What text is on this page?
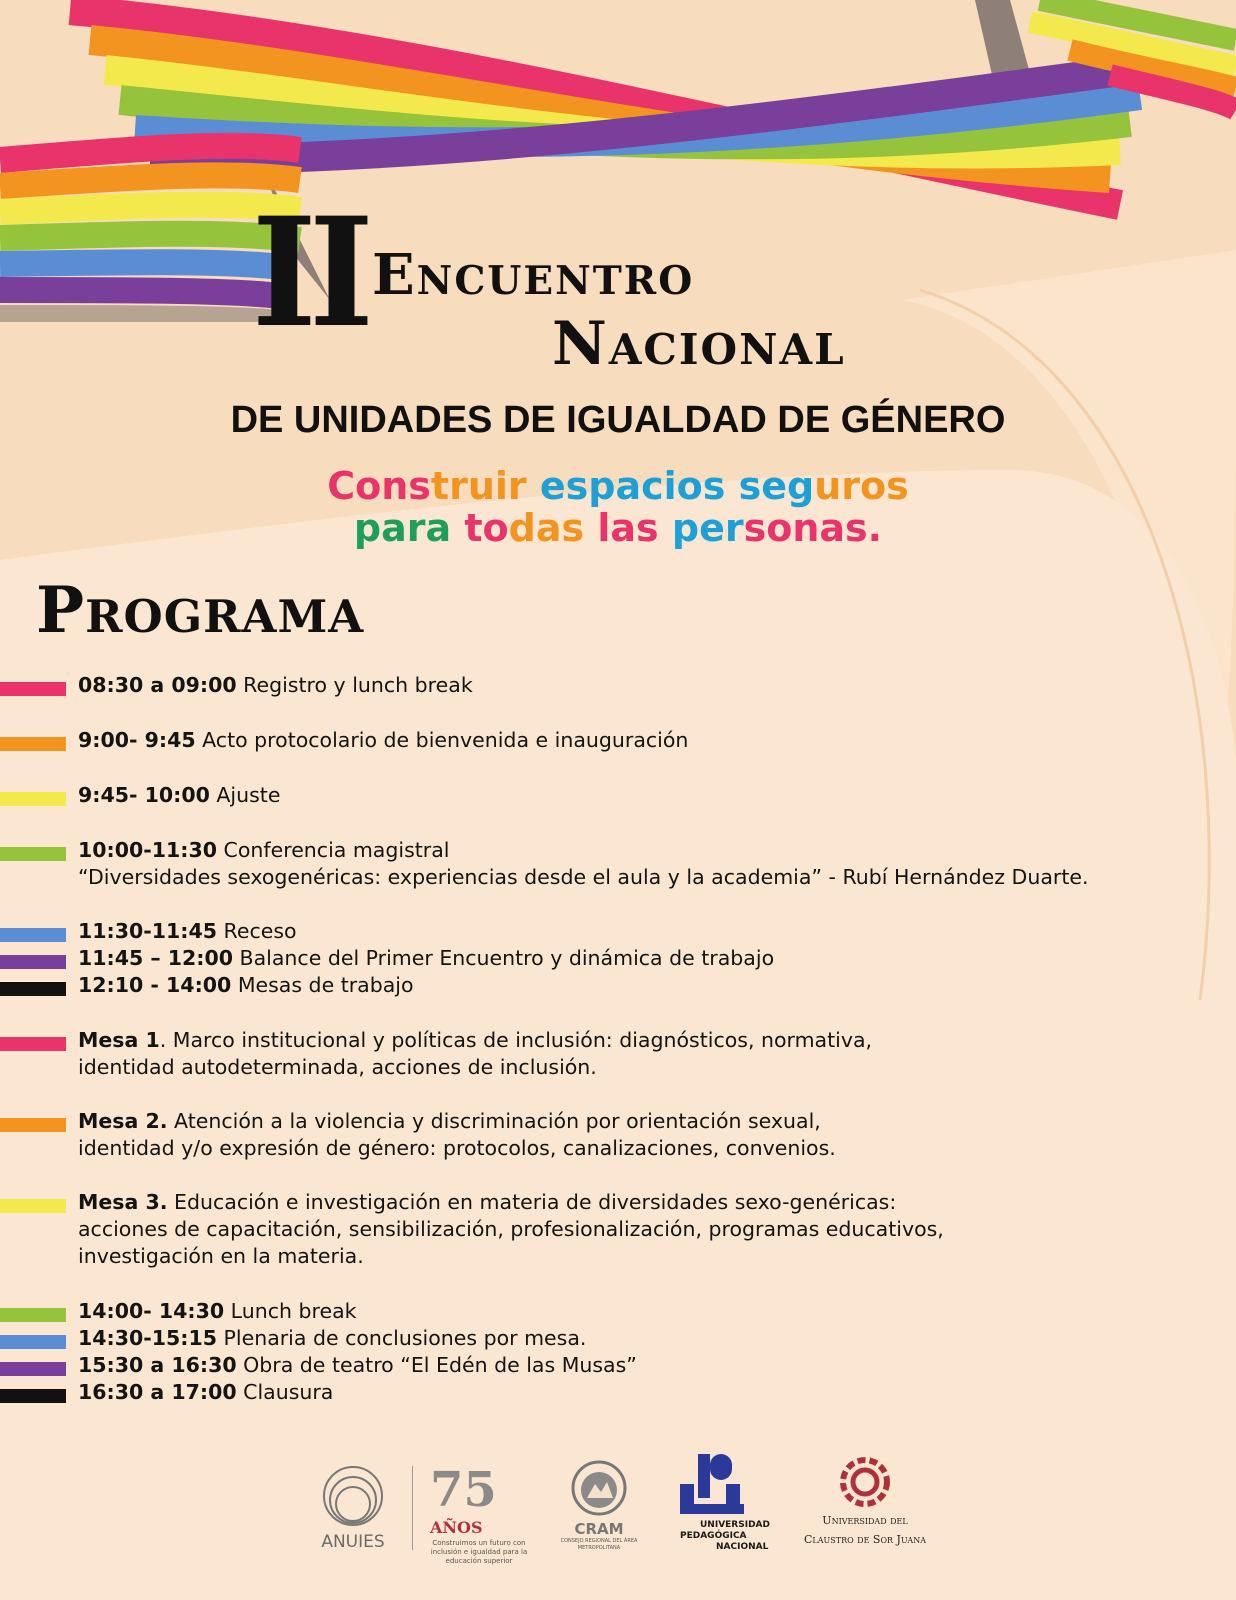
II Encuentro
Nacional
DE UNIDADES DE IGUALDAD DE GÉNERO
Construir espacios seguros
para todas las personas.
Programa
08:30 a 09:00 Registro y lunch break
9:00- 9:45 Acto protocolario de bienvenida e inauguración
9:45- 10:00 Ajuste
10:00-11:30 Conferencia magistral
“Diversidades sexogenéricas: experiencias desde el aula y la academia” - Rubí Hernández Duarte.
11:30-11:45 Receso
11:45 – 12:00 Balance del Primer Encuentro y dinámica de trabajo
12:10 - 14:00 Mesas de trabajo
Mesa 1. Marco institucional y políticas de inclusión: diagnósticos, normativa,
identidad autodeterminada, acciones de inclusión.
Mesa 2. Atención a la violencia y discriminación por orientación sexual,
identidad y/o expresión de género: protocolos, canalizaciones, convenios.
Mesa 3. Educación e investigación en materia de diversidades sexo-genéricas:
acciones de capacitación, sensibilización, profesionalización, programas educativos,
investigación en la materia.
14:00- 14:30 Lunch break
14:30-15:15 Plenaria de conclusiones por mesa.
15:30 a 16:30 Obra de teatro “El Edén de las Musas”
16:30 a 17:00 Clausura
ANUIES
75 AÑOS
Construimos un futuro con inclusión e igualdad para la educación superior
CRAM
CONSEJO REGIONAL DEL ÁREA METROPOLITANA
UNIVERSIDAD
PEDAGÓGICA
NACIONAL
Universidad del
Claustro de Sor Juana
